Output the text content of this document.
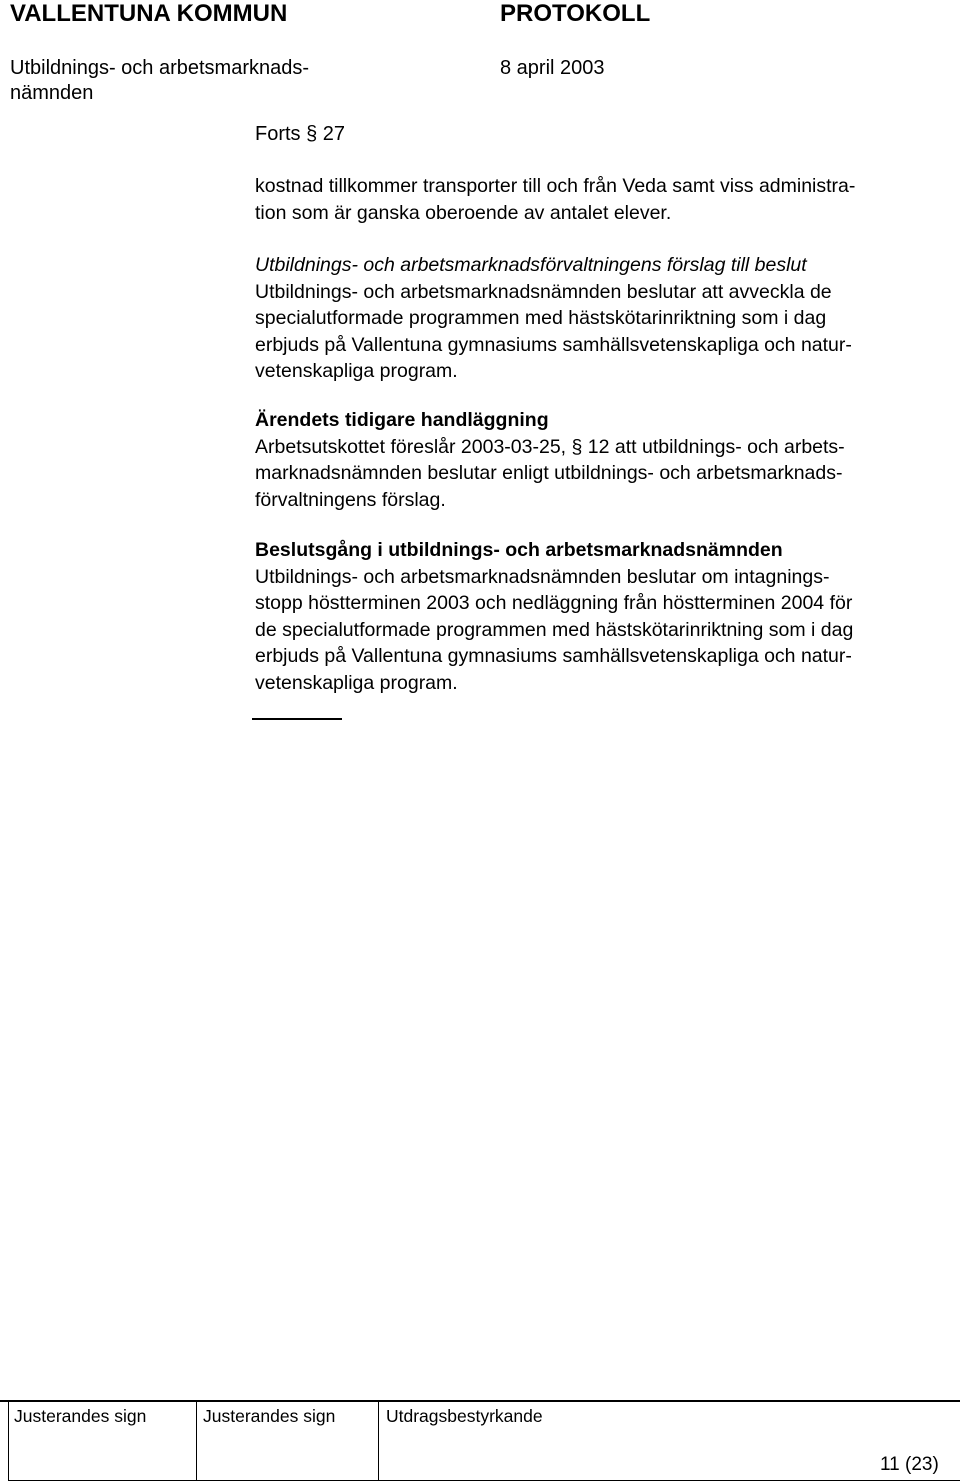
VALLENTUNA KOMMUN	PROTOKOLL
Utbildnings- och arbetsmarknads-
nämnden
8 april 2003
Forts § 27
kostnad tillkommer transporter till och från Veda samt viss administra-
tion som är ganska oberoende av antalet elever.
Utbildnings- och arbetsmarknadsförvaltningens förslag till beslut
Utbildnings- och arbetsmarknadsnämnden beslutar att avveckla de
specialutformade programmen med hästskötarinriktning som i dag
erbjuds på Vallentuna gymnasiums samhällsvetenskapliga och natur-
vetenskapliga program.
Ärendets tidigare handläggning
Arbetsutskottet föreslår 2003-03-25, § 12 att utbildnings- och arbets-
marknadsnämnden beslutar enligt utbildnings- och arbetsmarknads-
förvaltningens förslag.
Beslutsgång i utbildnings- och arbetsmarknadsnämnden
Utbildnings- och arbetsmarknadsnämnden beslutar om intagnings-
stopp höstterminen 2003 och nedläggning från höstterminen 2004 för
de specialutformade programmen med hästskötarinriktning som i dag
erbjuds på Vallentuna gymnasiums samhällsvetenskapliga och natur-
vetenskapliga program.
Justerandes sign	Justerandes sign	Utdragsbestyrkande
11 (23)
